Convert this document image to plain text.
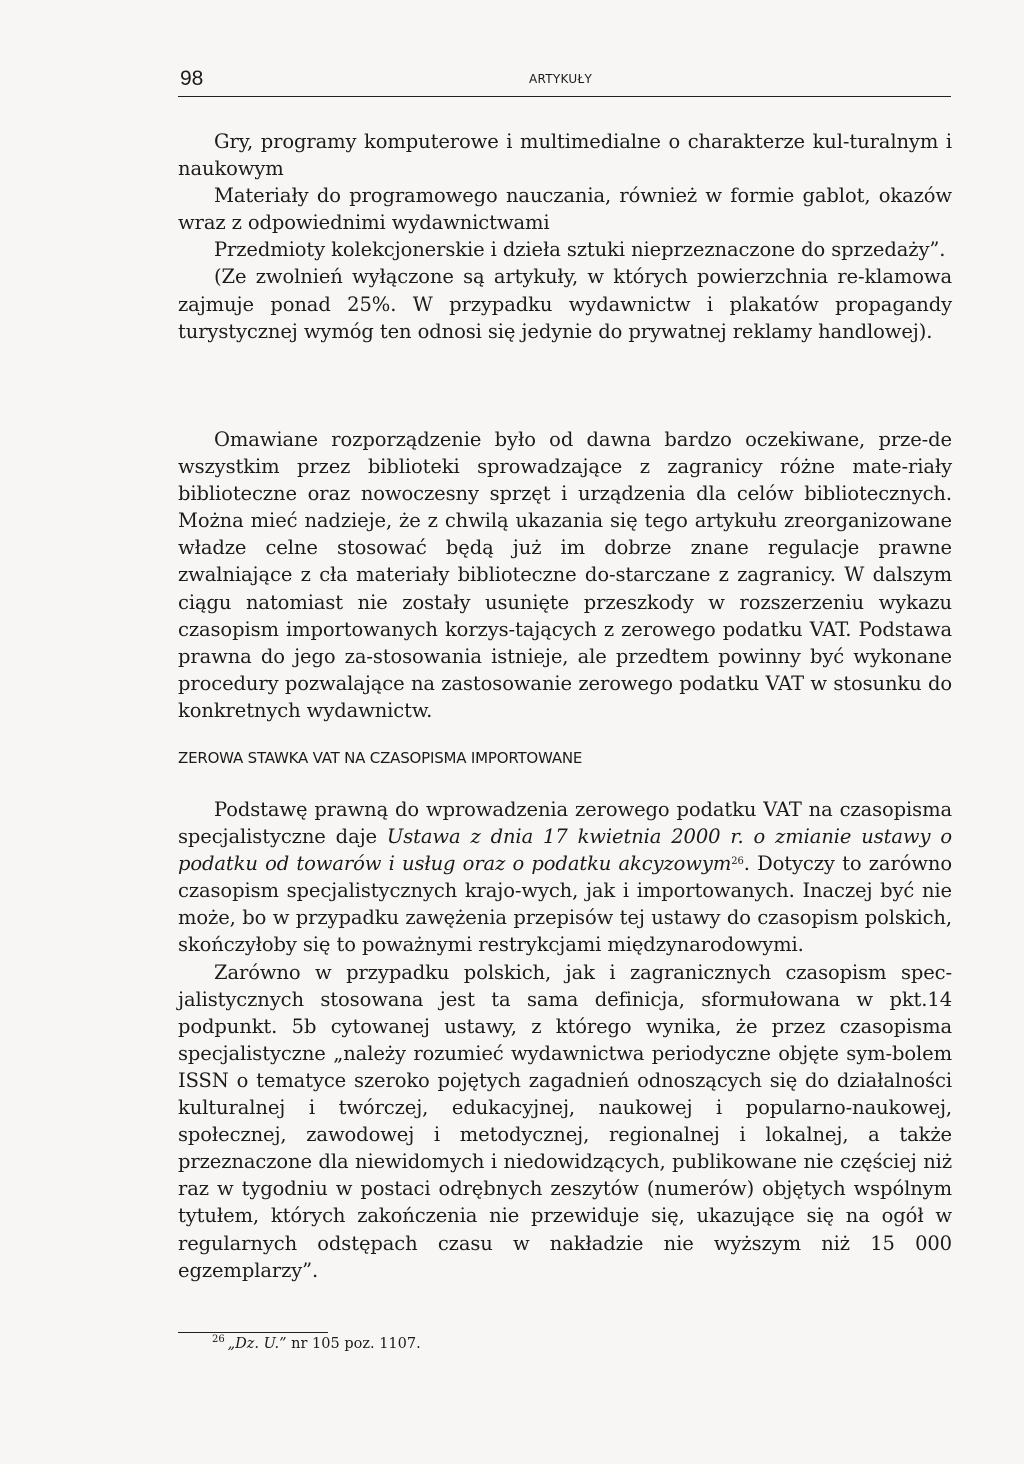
98	ARTYKUŁY

Gry, programy komputerowe i multimedialne o charakterze kul-turalnym i naukowym

Materiały do programowego nauczania, również w formie gablot, okazów wraz z odpowiednimi wydawnictwami

Przedmioty kolekcjonerskie i dzieła sztuki nieprzeznaczone do sprzedaży”.

(Ze zwolnień wyłączone są artykuły, w których powierzchnia re-klamowa zajmuje ponad 25%. W przypadku wydawnictw i plakatów propagandy turystycznej wymóg ten odnosi się jedynie do prywatnej reklamy handlowej).

Omawiane rozporządzenie było od dawna bardzo oczekiwane, prze-de wszystkim przez biblioteki sprowadzające z zagranicy różne mate-riały biblioteczne oraz nowoczesny sprzęt i urządzenia dla celów bibliotecznych. Można mieć nadzieje, że z chwilą ukazania się tego artykułu zreorganizowane władze celne stosować będą już im dobrze znane regulacje prawne zwalniające z cła materiały biblioteczne do-starczane z zagranicy. W dalszym ciągu natomiast nie zostały usunięte przeszkody w rozszerzeniu wykazu czasopism importowanych korzys-tających z zerowego podatku VAT. Podstawa prawna do jego za-stosowania istnieje, ale przedtem powinny być wykonane procedury pozwalające na zastosowanie zerowego podatku VAT w stosunku do konkretnych wydawnictw.

ZEROWA STAWKA VAT NA CZASOPISMA IMPORTOWANE

Podstawę prawną do wprowadzenia zerowego podatku VAT na czasopisma specjalistyczne daje Ustawa z dnia 17 kwietnia 2000 r. o zmianie ustawy o podatku od towarów i usług oraz o podatku akcyzowym$^{26}$. Dotyczy to zarówno czasopism specjalistycznych krajo-wych, jak i importowanych. Inaczej być nie może, bo w przypadku zawężenia przepisów tej ustawy do czasopism polskich, skończyłoby się to poważnymi restrykcjami międzynarodowymi.

Zarówno w przypadku polskich, jak i zagranicznych czasopism spec-jalistycznych stosowana jest ta sama definicja, sformułowana w pkt.14 podpunkt. 5b cytowanej ustawy, z którego wynika, że przez czasopisma specjalistyczne „należy rozumieć wydawnictwa periodyczne objęte sym-bolem ISSN o tematyce szeroko pojętych zagadnień odnoszących się do działalności kulturalnej i twórczej, edukacyjnej, naukowej i popularno-naukowej, społecznej, zawodowej i metodycznej, regionalnej i lokalnej, a także przeznaczone dla niewidomych i niedowidzących, publikowane nie częściej niż raz w tygodniu w postaci odrębnych zeszytów (numerów) objętych wspólnym tytułem, których zakończenia nie przewiduje się, ukazujące się na ogół w regularnych odstępach czasu w nakładzie nie wyższym niż 15 000 egzemplarzy”.

$^{26}$  „Dz. U.” nr 105 poz. 1107.
